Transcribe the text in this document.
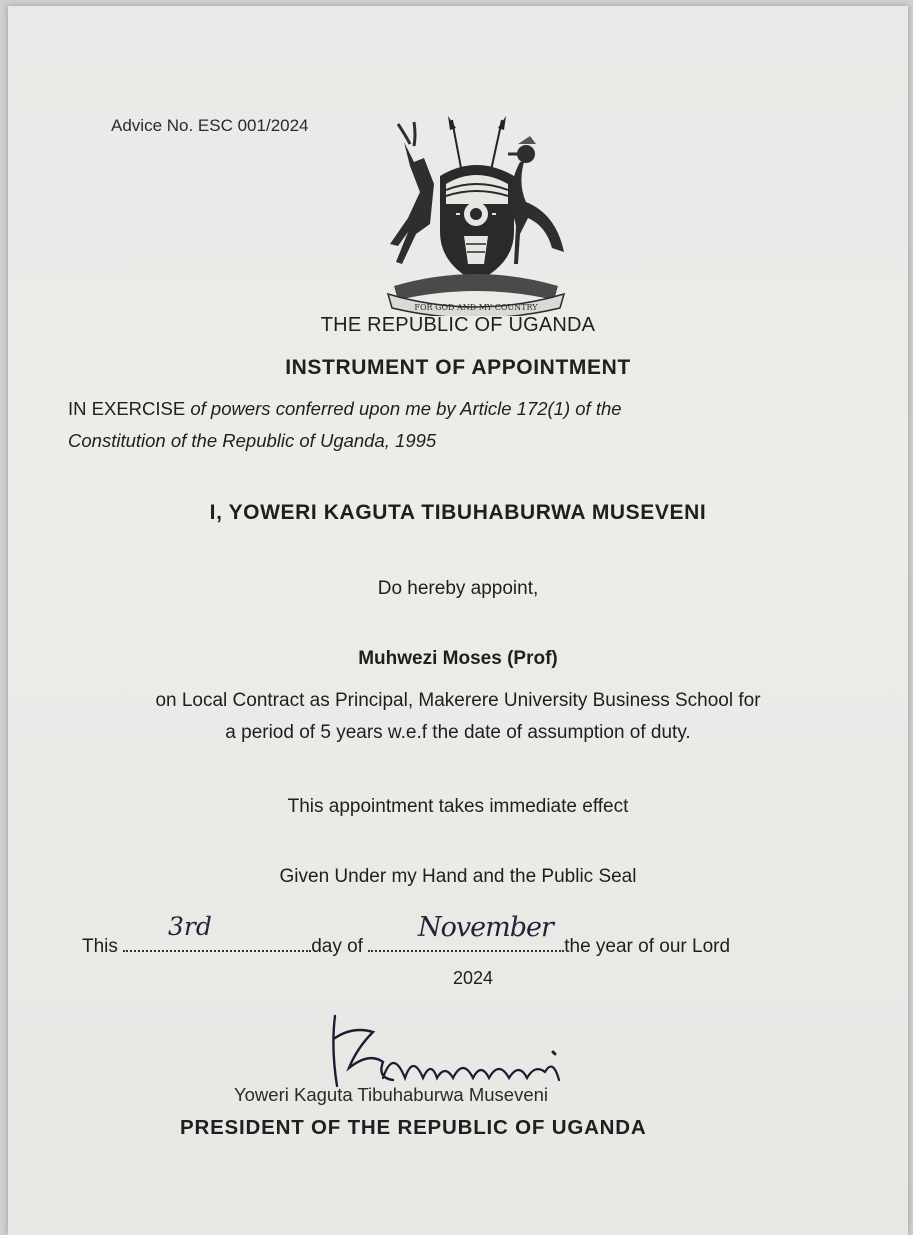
Advice No. ESC 001/2024
FOR GOD AND MY COUNTRY
THE REPUBLIC OF UGANDA
INSTRUMENT OF APPOINTMENT
IN EXERCISE of powers conferred upon me by Article 172(1) of the
Constitution of the Republic of Uganda, 1995
I, YOWERI KAGUTA TIBUHABURWA MUSEVENI
Do hereby appoint,
Muhwezi Moses (Prof)
on Local Contract as Principal, Makerere University Business School for
a period of 5 years w.e.f the date of assumption of duty.
This appointment takes immediate effect
Given Under my Hand and the Public Seal
This	day of	the year of our Lord
3rd	November
2024
Yoweri Kaguta Tibuhaburwa Museveni
PRESIDENT OF THE REPUBLIC OF UGANDA
